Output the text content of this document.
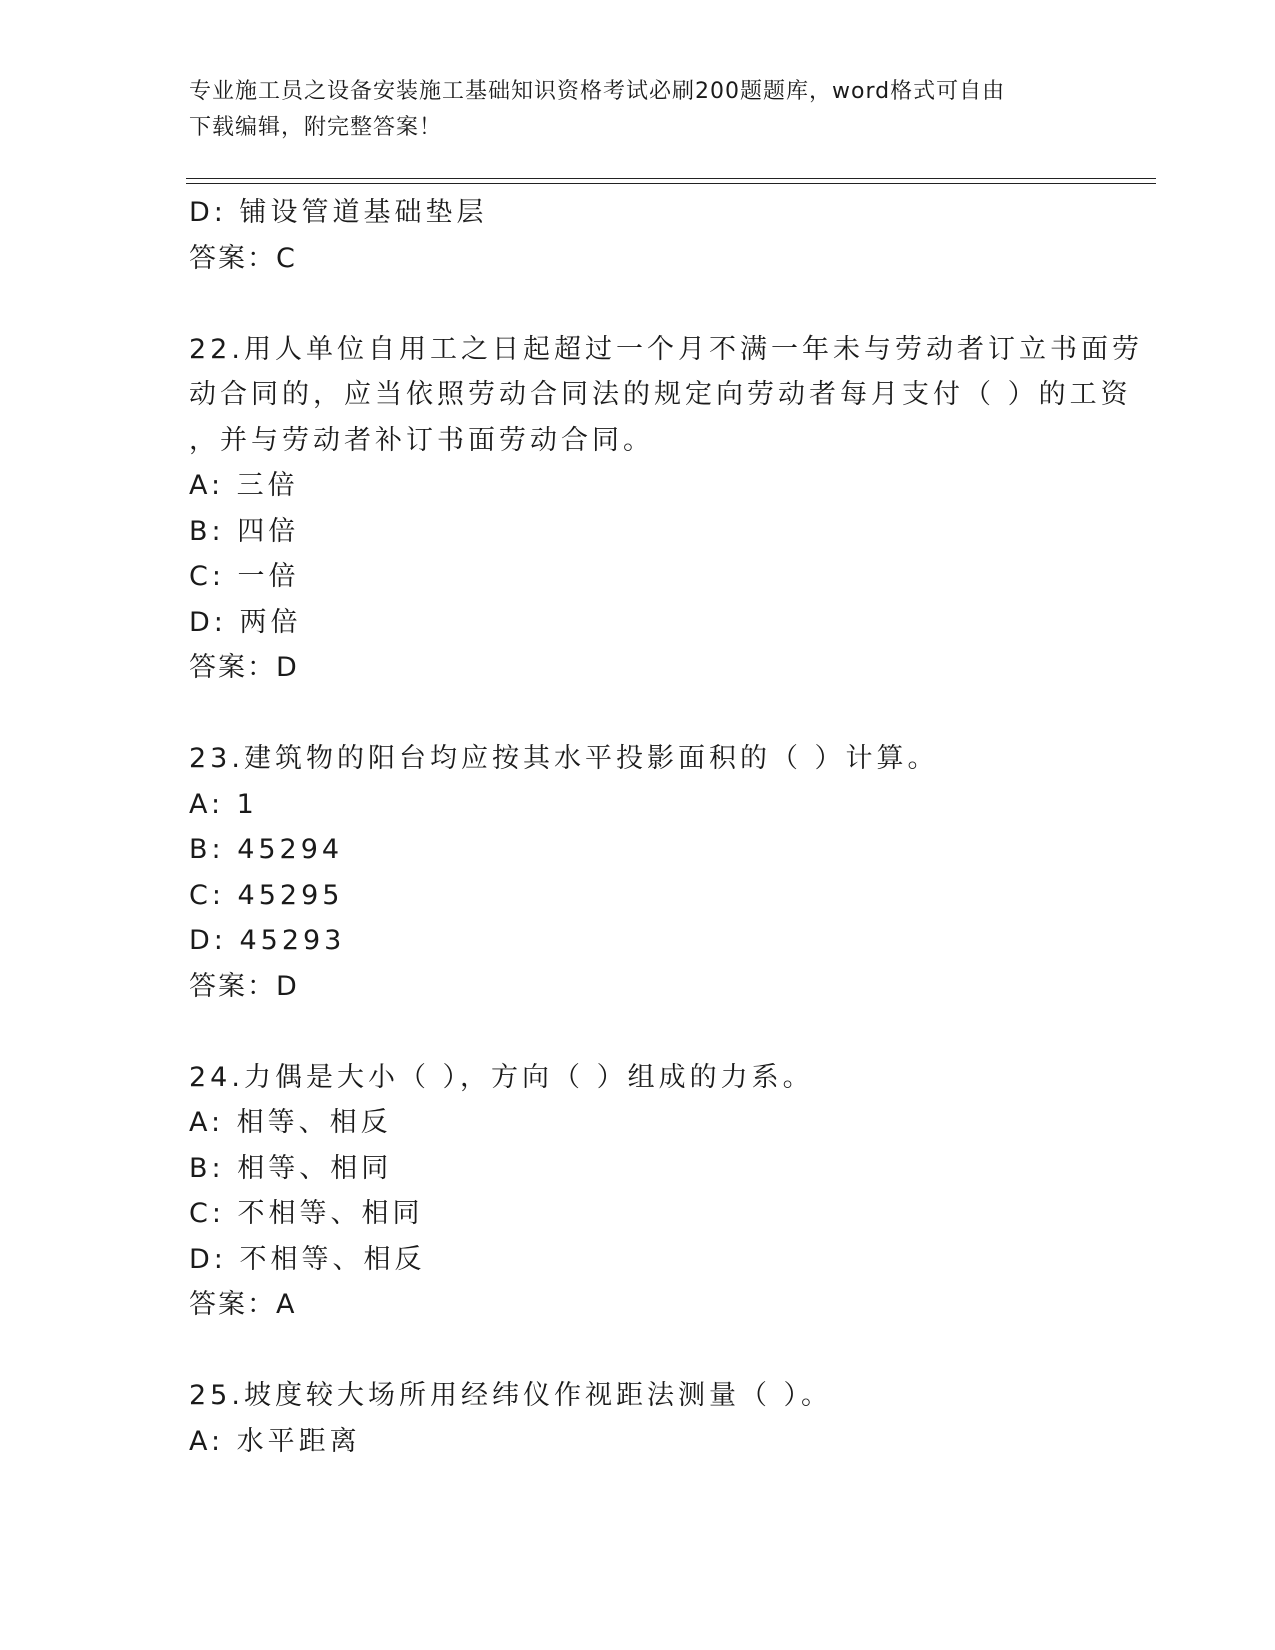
专业施工员之设备安装施工基础知识资格考试必刷200题题库，word格式可自由
下载编辑，附完整答案！
D: 铺设管道基础垫层
答案：C
22.用人单位自用工之日起超过一个月不满一年未与劳动者订立书面劳
动合同的，应当依照劳动合同法的规定向劳动者每月支付（ ）的工资
，并与劳动者补订书面劳动合同。
A: 三倍
B: 四倍
C: 一倍
D: 两倍
答案：D
23.建筑物的阳台均应按其水平投影面积的（ ）计算。
A: 1
B: 45294
C: 45295
D: 45293
答案：D
24.力偶是大小（ ），方向（ ）组成的力系。
A: 相等、相反
B: 相等、相同
C: 不相等、相同
D: 不相等、相反
答案：A
25.坡度较大场所用经纬仪作视距法测量（ ）。
A: 水平距离
